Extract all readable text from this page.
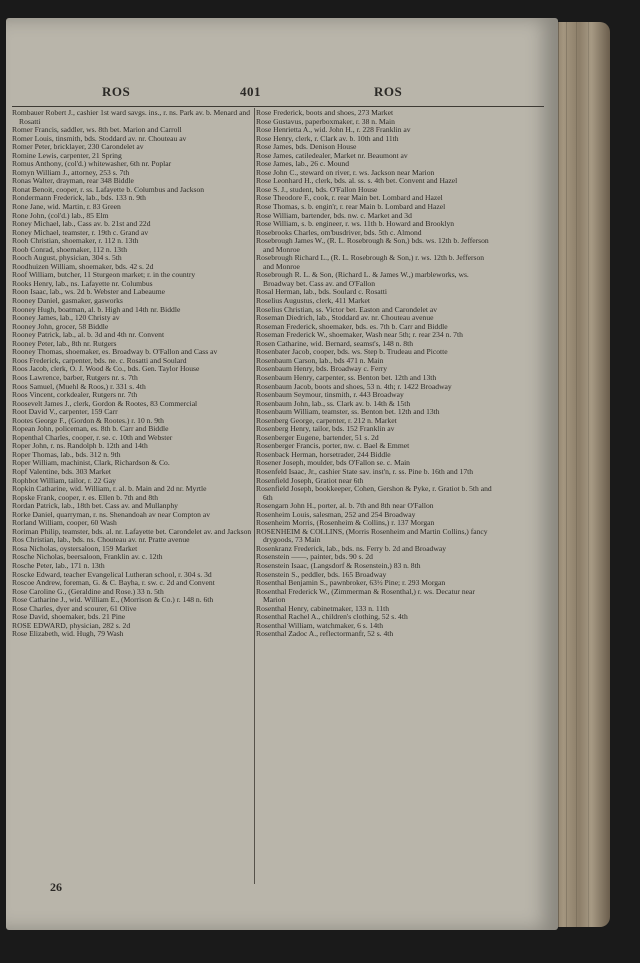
ROS	401	ROS
Rombauer Robert J., cashier 1st ward savgs. ins., r. ns. Park av. b. Menard and Rosatti
Romer Francis, saddler, ws. 8th bet. Marion and Carroll
Romer Louis, tinsmith, bds. Stoddard av. nr. Chouteau av
Romer Peter, bricklayer, 230 Carondelet av
Romine Lewis, carpenter, 21 Spring
Romus Anthony, (col'd.) whitewasher, 6th nr. Poplar
Romyn William J., attorney, 253 s. 7th
Ronas Walter, drayman, rear 348 Biddle
Ronat Benoit, cooper, r. ss. Lafayette b. Columbus and Jackson
Rondermann Frederick, lab., bds. 133 n. 9th
Rone Jane, wid. Martin, r. 83 Green
Rone John, (col'd.) lab., 85 Elm
Roney Michael, lab., Cass av. b. 21st and 22d
Roney Michael, teamster, r. 19th c. Grand av
Rooh Christian, shoemaker, r. 112 n. 13th
Roob Conrad, shoemaker, 112 n. 13th
Rooch August, physician, 304 s. 5th
Roodhuizen William, shoemaker, bds. 42 s. 2d
Roof William, butcher, 11 Sturgeon market; r. in the country
Rooks Henry, lab., ns. Lafayette nr. Columbus
Roon Isaac, lab., ws. 2d b. Webster and Labeaume
Rooney Daniel, gasmaker, gasworks
Rooney Hugh, boatman, al. b. High and 14th nr. Biddle
Rooney James, lab., 120 Christy av
Rooney John, grocer, 58 Biddle
Rooney Patrick, lab., al. b. 3d and 4th nr. Convent
Rooney Peter, lab., 8th nr. Rutgers
Rooney Thomas, shoemaker, es. Broadway b. O'Fallon and Cass av
Roos Frederick, carpenter, bds. ne. c. Rosatti and Soulard
Roos Jacob, clerk, O. J. Wood & Co., bds. Gen. Taylor House
Roos Lawrence, barber, Rutgers nr. s. 7th
Roos Samuel, (Muehl & Roos,) r. 331 s. 4th
Roos Vincent, corkdealer, Rutgers nr. 7th
Roosevelt James J., clerk, Gordon & Rootes, 83 Commercial
Root David V., carpenter, 159 Carr
Rootes George F., (Gordon & Rootes.) r. 10 n. 9th
Ropean John, policeman, es. 8th b. Carr and Biddle
Ropenthal Charles, cooper, r. se. c. 10th and Webster
Roper John, r. ns. Randolph b. 12th and 14th
Roper Thomas, lab., bds. 312 n. 9th
Roper William, machinist, Clark, Richardson & Co.
Ropf Valentine, bds. 303 Market
Rophbot William, tailor, r. 22 Gay
Ropkin Catharine, wid. William, r. al. b. Main and 2d nr. Myrtle
Ropske Frank, cooper, r. es. Ellen b. 7th and 8th
Rordan Patrick, lab., 18th bet. Cass av. and Mullanphy
Rorke Daniel, quarryman, r. ns. Shenandoah av near Compton av
Rorland William, cooper, 60 Wash
Roriman Philip, teamster, bds. al. nr. Lafayette bet. Carondelet av. and Jackson
Ros Christian, lab., bds. ns. Chouteau av. nr. Pratte avenue
Rosa Nicholas, oystersaloon, 159 Market
Rosche Nicholas, beersaloon, Franklin av. c. 12th
Rosche Peter, lab., 171 n. 13th
Roscke Edward, teacher Evangelical Lutheran school, r. 304 s. 3d
Roscoe Andrew, foreman, G. & C. Bayha, r. sw. c. 2d and Convent
Rose Caroline G., (Geraldine and Rose.) 33 n. 5th
Rose Catharine J., wid. William E., (Morrison & Co.) r. 148 n. 6th
Rose Charles, dyer and scourer, 61 Olive
Rose David, shoemaker, bds. 21 Pine
ROSE EDWARD, physician, 282 s. 2d
Rose Elizabeth, wid. Hugh, 79 Wash
Rose Frederick, boots and shoes, 273 Market
Rose Gustavus, paperboxmaker, r. 38 n. Main
Rose Henrietta A., wid. John H., r. 228 Franklin av
Rose Henry, clerk, r. Clark av. b. 10th and 11th
Rose James, bds. Denison House
Rose James, catiledealer, Market nr. Beaumont av
Rose James, lab., 26 c. Mound
Rose John C., steward on river, r. ws. Jackson near Marion
Rose Leonhard H., clerk, bds. al. ss. s. 4th bet. Convent and Hazel
Rose S. J., student, bds. O'Fallon House
Rose Theodore F., cook, r. rear Main bet. Lombard and Hazel
Rose Thomas, s. b. engin'r, r. rear Main b. Lombard and Hazel
Rose William, bartender, bds. nw. c. Market and 3d
Rose William, s. b. engineer, r. ws. 11th b. Howard and Brooklyn
Rosebrooks Charles, om'busdriver, bds. 5th c. Almond
Rosebrough James W., (R. L. Rosebrough & Son,) bds. ws. 12th b. Jefferson and Monroe
Rosebrough Richard L., (R. L. Rosebrough & Son,) r. ws. 12th b. Jefferson and Monroe
Rosebrough R. L. & Son, (Richard L. & James W.,) marbleworks, ws. Broadway bet. Cass av. and O'Fallon
Rosal Herman, lab., bds. Soulard c. Rosatti
Roselius Augustus, clerk, 411 Market
Roselius Christian, ss. Victor bet. Easton and Carondelet av
Roseman Diedrich, lab., Stoddard av. nr. Chouteau avenue
Roseman Frederick, shoemaker, bds. es. 7th b. Carr and Biddle
Roseman Frederick W., shoemaker, Wash near 5th; r. rear 234 n. 7th
Rosen Catharine, wid. Bernard, seamst's, 148 n. 8th
Rosenbater Jacob, cooper, bds. ws. Step b. Trudeau and Picotte
Rosenbaum Carson, lab., bds 471 n. Main
Rosenbaum Henry, bds. Broadway c. Ferry
Rosenbaum Henry, carpenter, ss. Benton bet. 12th and 13th
Rosenbaum Jacob, boots and shoes, 53 n. 4th; r. 1422 Broadway
Rosenbaum Seymour, tinsmith, r. 443 Broadway
Rosenbaum John, lab., ss. Clark av. b. 14th & 15th
Rosenbaum William, teamster, ss. Benton bet. 12th and 13th
Rosenberg George, carpenter, r. 212 n. Market
Rosenberg Henry, tailor, bds. 152 Franklin av
Rosenberger Eugene, bartender, 51 s. 2d
Rosenberger Francis, porter, nw. c. Bael & Emmet
Rosenback Herman, horsetrader, 244 Biddle
Rosener Joseph, moulder, bds O'Fallon se. c. Main
Rosenfeld Isaac, Jr., cashier State sav. inst'n, r. ss. Pine b. 16th and 17th
Rosenfield Joseph, Gratiot near 6th
Rosenfield Joseph, bookkeeper, Cohen, Gershon & Pyke, r. Gratiot b. 5th and 6th
Rosengarn John H., porter, al. b. 7th and 8th near O'Fallon
Rosenheim Louis, salesman, 252 and 254 Broadway
Rosenheim Morris, (Rosenheim & Collins,) r. 137 Morgan
ROSENHEIM & COLLINS, (Morris Rosenheim and Martin Collins,) fancy drygoods, 73 Main
Rosenkranz Frederick, lab., bds. ns. Ferry b. 2d and Broadway
Rosenstein ——, painter, bds. 90 s. 2d
Rosenstein Isaac, (Langsdorf & Rosenstein,) 83 n. 8th
Rosenstein S., peddler, bds. 165 Broadway
Rosenthal Benjamin S., pawnbroker, 63½ Pine; r. 293 Morgan
Rosenthal Frederick W., (Zimmerman & Rosenthal,) r. ws. Decatur near Marion
Rosenthal Henry, cabinetmaker, 133 n. 11th
Rosenthal Rachel A., children's clothing, 52 s. 4th
Rosenthal William, watchmaker, 6 s. 14th
Rosenthal Zadoc A., reflectormanfr, 52 s. 4th
26
